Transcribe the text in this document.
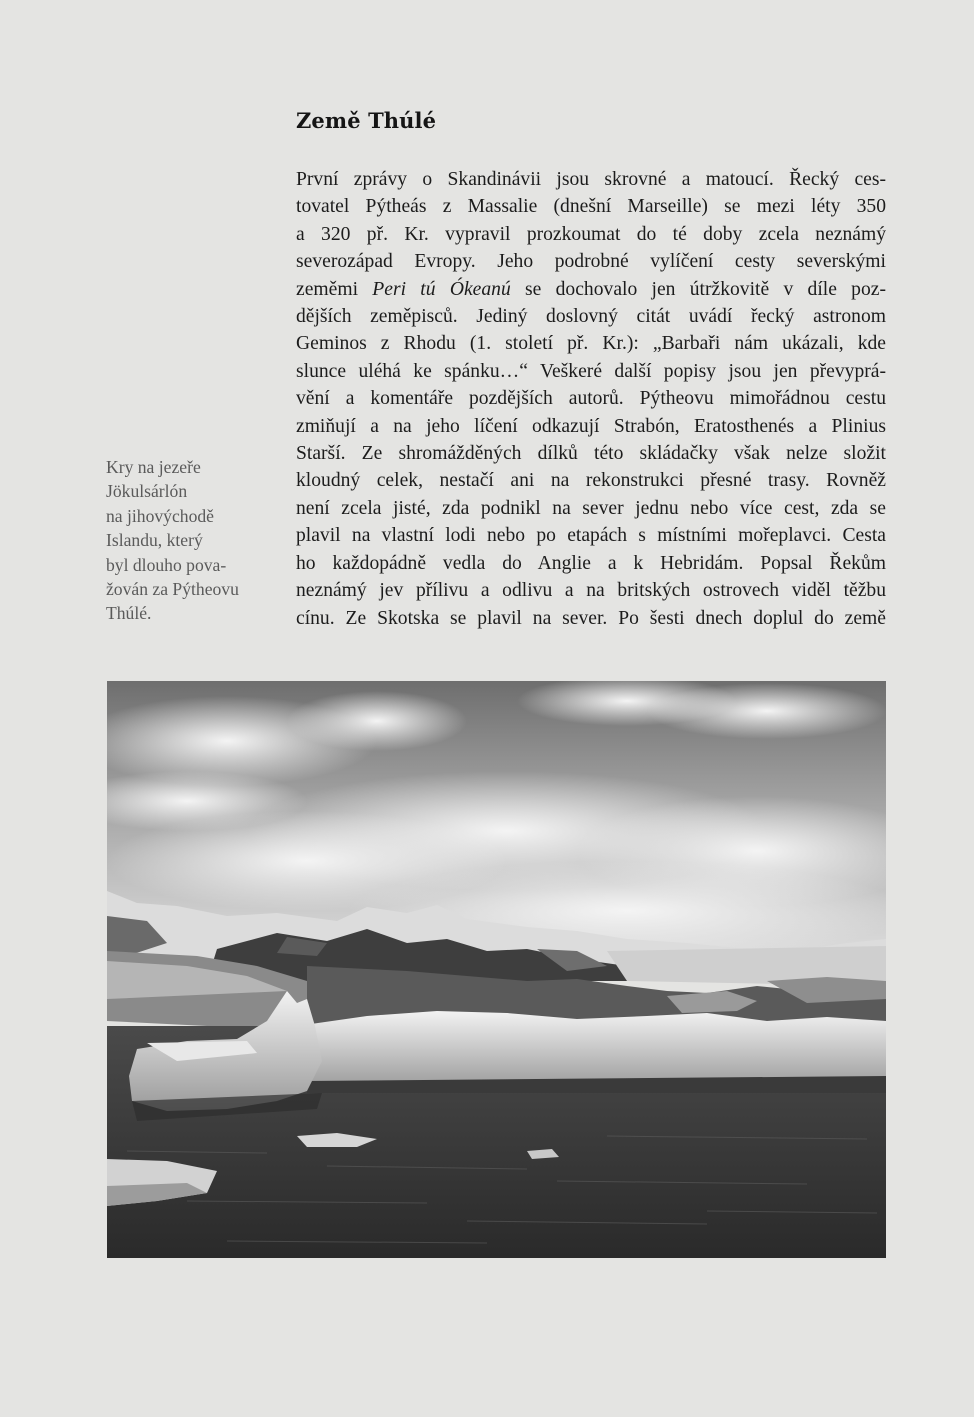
Země Thúlé
První zprávy o Skandinávii jsou skrovné a matoucí. Řecký ces-
tovatel Pýtheás z Massalie (dnešní Marseille) se mezi léty 350
a 320 př. Kr. vypravil prozkoumat do té doby zcela neznámý
severozápad Evropy. Jeho podrobné vylíčení cesty severskými
zeměmi Peri tú Ókeanú se dochovalo jen útržkovitě v díle poz-
dějších zeměpisců. Jediný doslovný citát uvádí řecký astronom
Geminos z Rhodu (1. století př. Kr.): „Barbaři nám ukázali, kde
slunce uléhá ke spánku…“ Veškeré další popisy jsou jen převyprá-
vění a komentáře pozdějších autorů. Pýtheovu mimořádnou cestu
zmiňují a na jeho líčení odkazují Strabón, Eratosthenés a Plinius
Starší. Ze shromážděných dílků této skládačky však nelze složit
kloudný celek, nestačí ani na rekonstrukci přesné trasy. Rovněž
není zcela jisté, zda podnikl na sever jednu nebo více cest, zda se
plavil na vlastní lodi nebo po etapách s místními mořeplavci. Cesta
ho každopádně vedla do Anglie a k Hebridám. Popsal Řekům
neznámý jev přílivu a odlivu a na britských ostrovech viděl těžbu
cínu. Ze Skotska se plavil na sever. Po šesti dnech doplul do země
Kry na jezeře
Jökulsárlón
na jihovýchodě
Islandu, který
byl dlouho pova-
žován za Pýtheovu
Thúlé.
